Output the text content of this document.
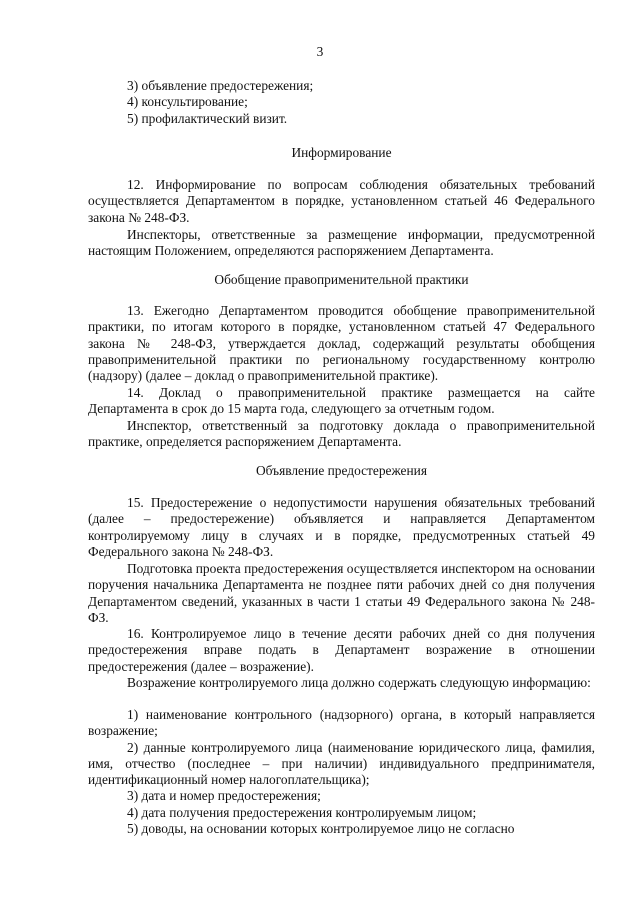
3

3) объявление предостережения;

4) консультирование;

5) профилактический визит.

Информирование
12. Информирование по вопросам соблюдения обязательных требований осуществляется Департаментом в порядке, установленном статьей 46 Федерального закона № 248-ФЗ.
Инспекторы, ответственные за размещение информации, предусмотренной настоящим Положением, определяются распоряжением Департамента.
Обобщение правоприменительной практики
13. Ежегодно Департаментом проводится обобщение правоприменительной практики, по итогам которого в порядке, установленном статьей 47 Федерального закона № 248-ФЗ, утверждается доклад, содержащий результаты обобщения правоприменительной практики по региональному государственному контролю (надзору) (далее – доклад о правоприменительной практике).
14. Доклад о правоприменительной практике размещается на сайте Департамента в срок до 15 марта года, следующего за отчетным годом.
Инспектор, ответственный за подготовку доклада о правоприменительной практике, определяется распоряжением Департамента.
Объявление предостережения
15. Предостережение о недопустимости нарушения обязательных требований (далее – предостережение) объявляется и направляется Департаментом контролируемому лицу в случаях и в порядке, предусмотренных статьей 49 Федерального закона № 248-ФЗ.
Подготовка проекта предостережения осуществляется инспектором на основании поручения начальника Департамента не позднее пяти рабочих дней со дня получения Департаментом сведений, указанных в части 1 статьи 49 Федерального закона № 248-ФЗ.
16. Контролируемое лицо в течение десяти рабочих дней со дня получения предостережения вправе подать в Департамент возражение в отношении предостережения (далее – возражение).
Возражение контролируемого лица должно содержать следующую информацию:

1) наименование контрольного (надзорного) органа, в который направляется возражение;

2) данные контролируемого лица (наименование юридического лица, фамилия, имя, отчество (последнее – при наличии) индивидуального предпринимателя, идентификационный номер налогоплательщика);

3) дата и номер предостережения;

4) дата получения предостережения контролируемым лицом;

5) доводы, на основании которых контролируемое лицо не согласно
